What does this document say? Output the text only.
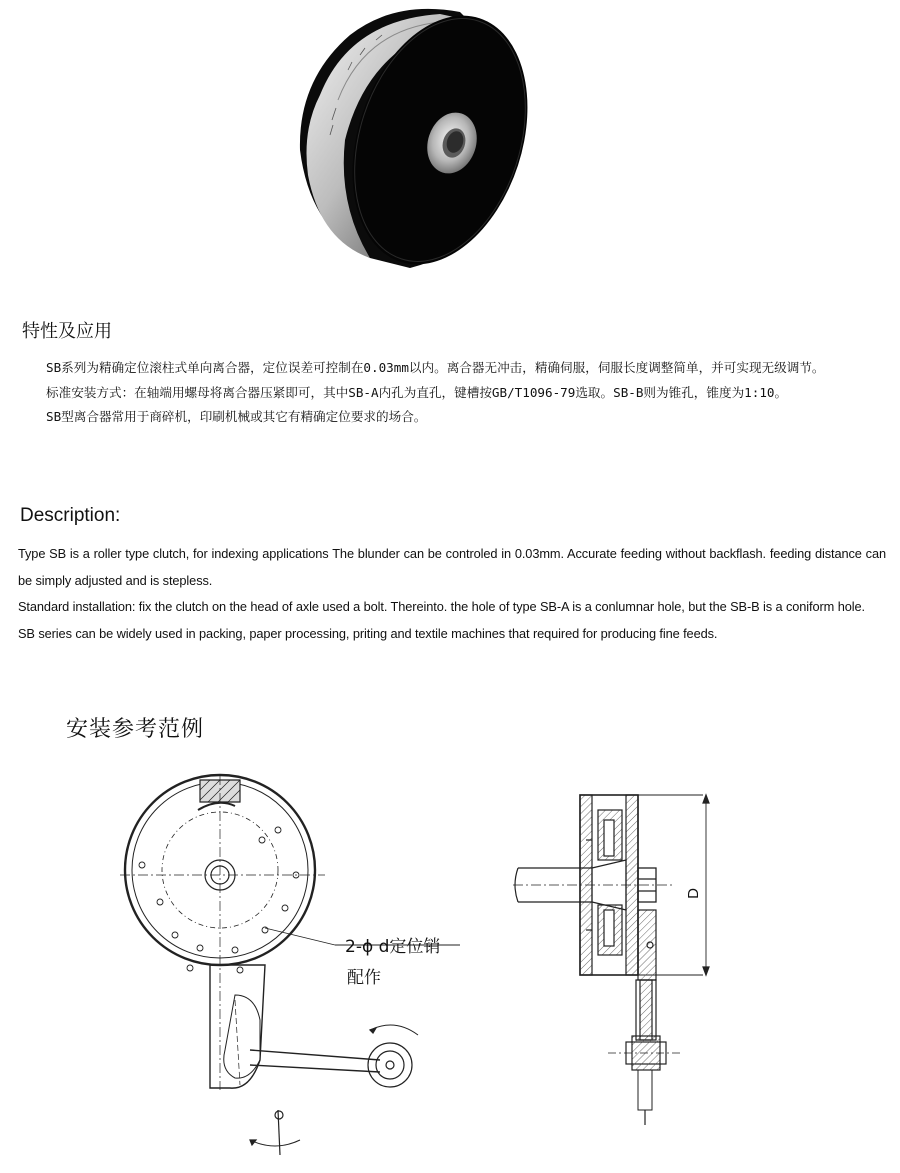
特性及应用

SB系列为精确定位滚柱式单向离合器，定位误差可控制在0.03mm以内。离合器无冲击，精确伺服，伺服长度调整简单，并可实现无级调节。

标准安装方式：在轴端用螺母将离合器压紧即可，其中SB-A内孔为直孔，键槽按GB/T1096-79选取。SB-B则为锥孔，锥度为1:10。

SB型离合器常用于商碎机，印刷机械或其它有精确定位要求的场合。

Description:

Type SB is a roller type clutch, for indexing applications The blunder can be controled in 0.03mm. Accurate feeding without backflash. feeding distance can be simply adjusted and is stepless.

Standard installation: fix the clutch on the head of axle used a bolt. Thereinto. the hole of type SB-A is a conlumnar hole, but the SB-B is a coniform hole.

SB series can be widely used in packing, paper processing, priting and textile machines that required for producing fine feeds.

安装参考范例
2-ϕ d定位销
配作
D
